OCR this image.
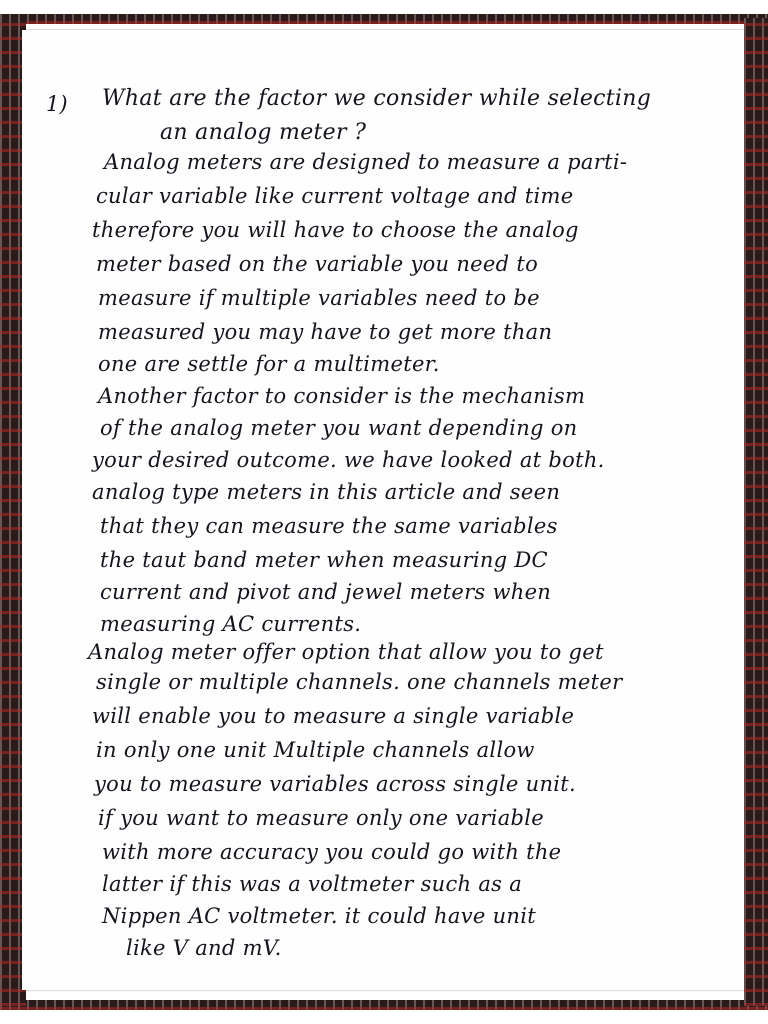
1) What are the factor we consider while selecting
an analog meter ?
Analog meters are designed to measure a parti-
cular variable like current voltage and time
therefore you will have to choose the analog
meter based on the variable you need to
measure if multiple variables need to be
measured you may have to get more than
one are settle for a multimeter.
Another factor to consider is the mechanism
of the analog meter you want depending on
your desired outcome. we have looked at both.
analog type meters in this article and seen
that they can measure the same variables
the taut band meter when measuring DC
current and pivot and jewel meters when
measuring AC currents.
Analog meter offer option that allow you to get
single or multiple channels. one channels meter
will enable you to measure a single variable
in only one unit Multiple channels allow
you to measure variables across single unit.
if you want to measure only one variable
with more accuracy you could go with the
latter if this was a voltmeter such as a
Nippen AC voltmeter. it could have unit
like V and mV.
